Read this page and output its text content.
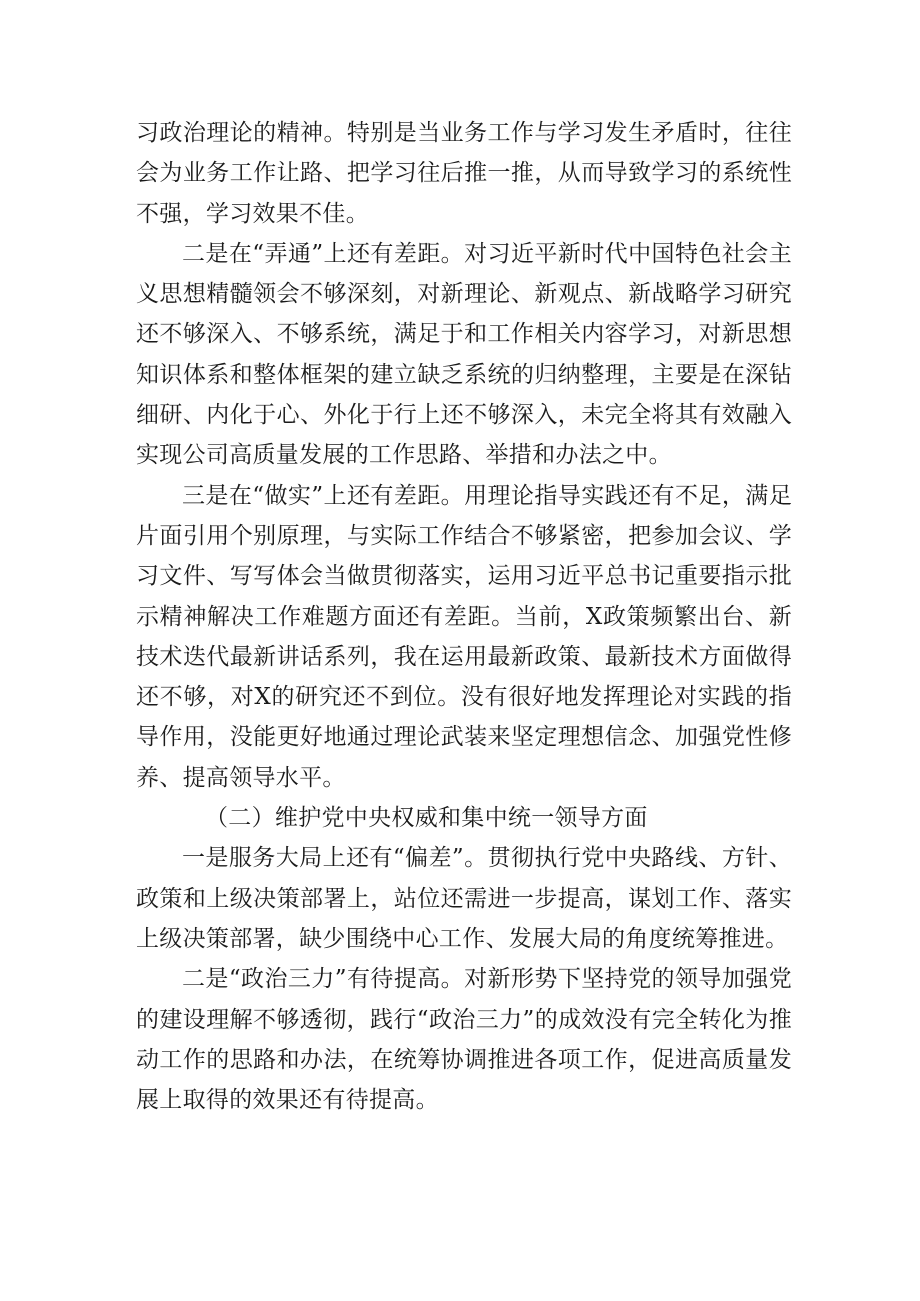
习政治理论的精神。特别是当业务工作与学习发生矛盾时，往往会为业务工作让路、把学习往后推一推，从而导致学习的系统性不强，学习效果不佳。

二是在“弄通”上还有差距。对习近平新时代中国特色社会主义思想精髓领会不够深刻，对新理论、新观点、新战略学习研究还不够深入、不够系统，满足于和工作相关内容学习，对新思想知识体系和整体框架的建立缺乏系统的归纳整理，主要是在深钻细研、内化于心、外化于行上还不够深入，未完全将其有效融入实现公司高质量发展的工作思路、举措和办法之中。

三是在“做实”上还有差距。用理论指导实践还有不足，满足片面引用个别原理，与实际工作结合不够紧密，把参加会议、学习文件、写写体会当做贯彻落实，运用习近平总书记重要指示批示精神解决工作难题方面还有差距。当前，X政策频繁出台、新技术迭代最新讲话系列，我在运用最新政策、最新技术方面做得还不够，对X的研究还不到位。没有很好地发挥理论对实践的指导作用，没能更好地通过理论武装来坚定理想信念、加强党性修养、提高领导水平。

（二）维护党中央权威和集中统一领导方面

一是服务大局上还有“偏差”。贯彻执行党中央路线、方针、政策和上级决策部署上，站位还需进一步提高，谋划工作、落实上级决策部署，缺少围绕中心工作、发展大局的角度统筹推进。

二是“政治三力”有待提高。对新形势下坚持党的领导加强党的建设理解不够透彻，践行“政治三力”的成效没有完全转化为推动工作的思路和办法，在统筹协调推进各项工作，促进高质量发展上取得的效果还有待提高。
